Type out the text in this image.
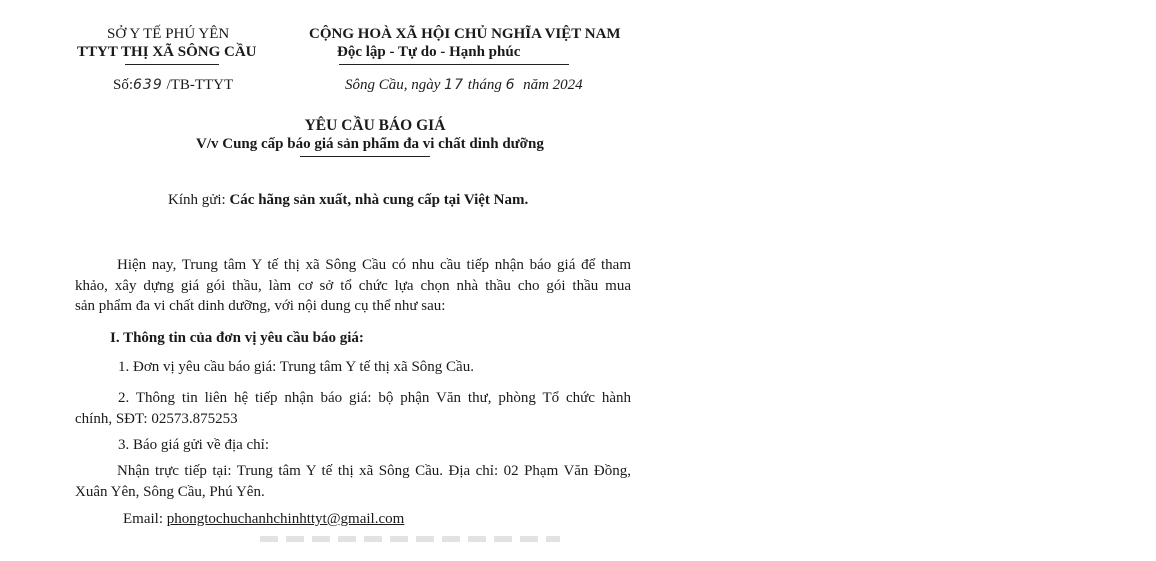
SỞ Y TẾ PHÚ YÊN
TTYT THỊ XÃ SÔNG CẦU
CỘNG HOÀ XÃ HỘI CHỦ NGHĨA VIỆT NAM
Độc lập - Tự do - Hạnh phúc
Số:639 /TB-TTYT	Sông Cầu, ngày 17 tháng 6 năm 2024
YÊU CẦU BÁO GIÁ
V/v Cung cấp báo giá sản phẩm đa vi chất dinh dưỡng
Kính gửi: Các hãng sản xuất, nhà cung cấp tại Việt Nam.
Hiện nay, Trung tâm Y tế thị xã Sông Cầu có nhu cầu tiếp nhận báo giá để tham
khảo, xây dựng giá gói thầu, làm cơ sở tổ chức lựa chọn nhà thầu cho gói thầu mua
sản phẩm đa vi chất dinh dưỡng, với nội dung cụ thể như sau:
I. Thông tin của đơn vị yêu cầu báo giá:
1. Đơn vị yêu cầu báo giá: Trung tâm Y tế thị xã Sông Cầu.
2. Thông tin liên hệ tiếp nhận báo giá: bộ phận Văn thư, phòng Tổ chức hành
chính, SĐT: 02573.875253
3. Báo giá gửi về địa chỉ:
Nhận trực tiếp tại: Trung tâm Y tế thị xã Sông Cầu. Địa chỉ: 02 Phạm Văn Đồng,
Xuân Yên, Sông Cầu, Phú Yên.
Email: phongtochuchanhchinhttyt@gmail.com
